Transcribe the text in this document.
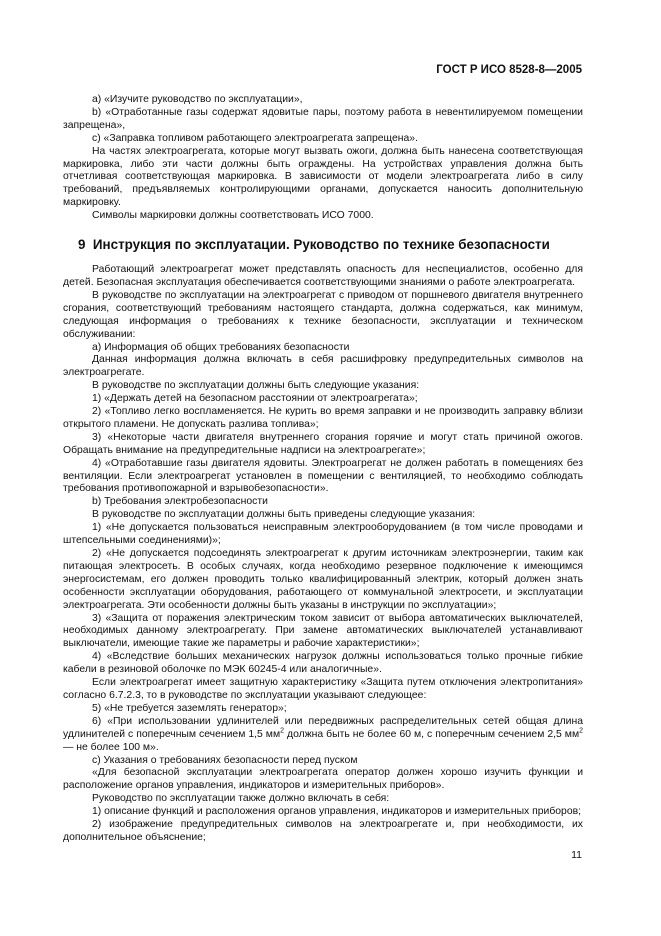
ГОСТ Р ИСО 8528-8—2005

а) «Изучите руководство по эксплуатации»,

b) «Отработанные газы содержат ядовитые пары, поэтому работа в невентилируемом помещении запрещена»,

с) «Заправка топливом работающего электроагрегата запрещена».

На частях электроагрегата, которые могут вызвать ожоги, должна быть нанесена соответствующая маркировка, либо эти части должны быть ограждены. На устройствах управления должна быть отчетливая соответствующая маркировка. В зависимости от модели электроагрегата либо в силу требований, предъявляемых контролирующими органами, допускается наносить дополнительную маркировку.

Символы маркировки должны соответствовать ИСО 7000.

9 Инструкция по эксплуатации. Руководство по технике безопасности

Работающий электроагрегат может представлять опасность для неспециалистов, особенно для детей. Безопасная эксплуатация обеспечивается соответствующими знаниями о работе электроагрегата.

В руководстве по эксплуатации на электроагрегат с приводом от поршневого двигателя внутреннего сгорания, соответствующий требованиям настоящего стандарта, должна содержаться, как минимум, следующая информация о требованиях к технике безопасности, эксплуатации и техническом обслуживании:

а) Информация об общих требованиях безопасности

Данная информация должна включать в себя расшифровку предупредительных символов на электроагрегате.

В руководстве по эксплуатации должны быть следующие указания:

1) «Держать детей на безопасном расстоянии от электроагрегата»;

2) «Топливо легко воспламеняется. Не курить во время заправки и не производить заправку вблизи открытого пламени. Не допускать разлива топлива»;

3) «Некоторые части двигателя внутреннего сгорания горячие и могут стать причиной ожогов. Обращать внимание на предупредительные надписи на электроагрегате»;

4) «Отработавшие газы двигателя ядовиты. Электроагрегат не должен работать в помещениях без вентиляции. Если электроагрегат установлен в помещении с вентиляцией, то необходимо соблюдать требования противопожарной и взрывобезопасности».

b) Требования электробезопасности

В руководстве по эксплуатации должны быть приведены следующие указания:

1) «Не допускается пользоваться неисправным электрооборудованием (в том числе проводами и штепсельными соединениями)»;

2) «Не допускается подсоединять электроагрегат к другим источникам электроэнергии, таким как питающая электросеть. В особых случаях, когда необходимо резервное подключение к имеющимся энергосистемам, его должен проводить только квалифицированный электрик, который должен знать особенности эксплуатации оборудования, работающего от коммунальной электросети, и эксплуатации электроагрегата. Эти особенности должны быть указаны в инструкции по эксплуатации»;

3) «Защита от поражения электрическим током зависит от выбора автоматических выключателей, необходимых данному электроагрегату. При замене автоматических выключателей устанавливают выключатели, имеющие такие же параметры и рабочие характеристики»;

4) «Вследствие больших механических нагрузок должны использоваться только прочные гибкие кабели в резиновой оболочке по МЭК 60245-4 или аналогичные».

Если электроагрегат имеет защитную характеристику «Защита путем отключения электропитания» согласно 6.7.2.3, то в руководстве по эксплуатации указывают следующее:

5) «Не требуется заземлять генератор»;

6) «При использовании удлинителей или передвижных распределительных сетей общая длина удлинителей с поперечным сечением 1,5 $мм^2$ должна быть не более 60 м, с поперечным сечением 2,5 $мм^2$ — не более 100 м».

с) Указания о требованиях безопасности перед пуском

«Для безопасной эксплуатации электроагрегата оператор должен хорошо изучить функции и расположение органов управления, индикаторов и измерительных приборов».

Руководство по эксплуатации также должно включать в себя:

1) описание функций и расположения органов управления, индикаторов и измерительных приборов;

2) изображение предупредительных символов на электроагрегате и, при необходимости, их дополнительное объяснение;

11
